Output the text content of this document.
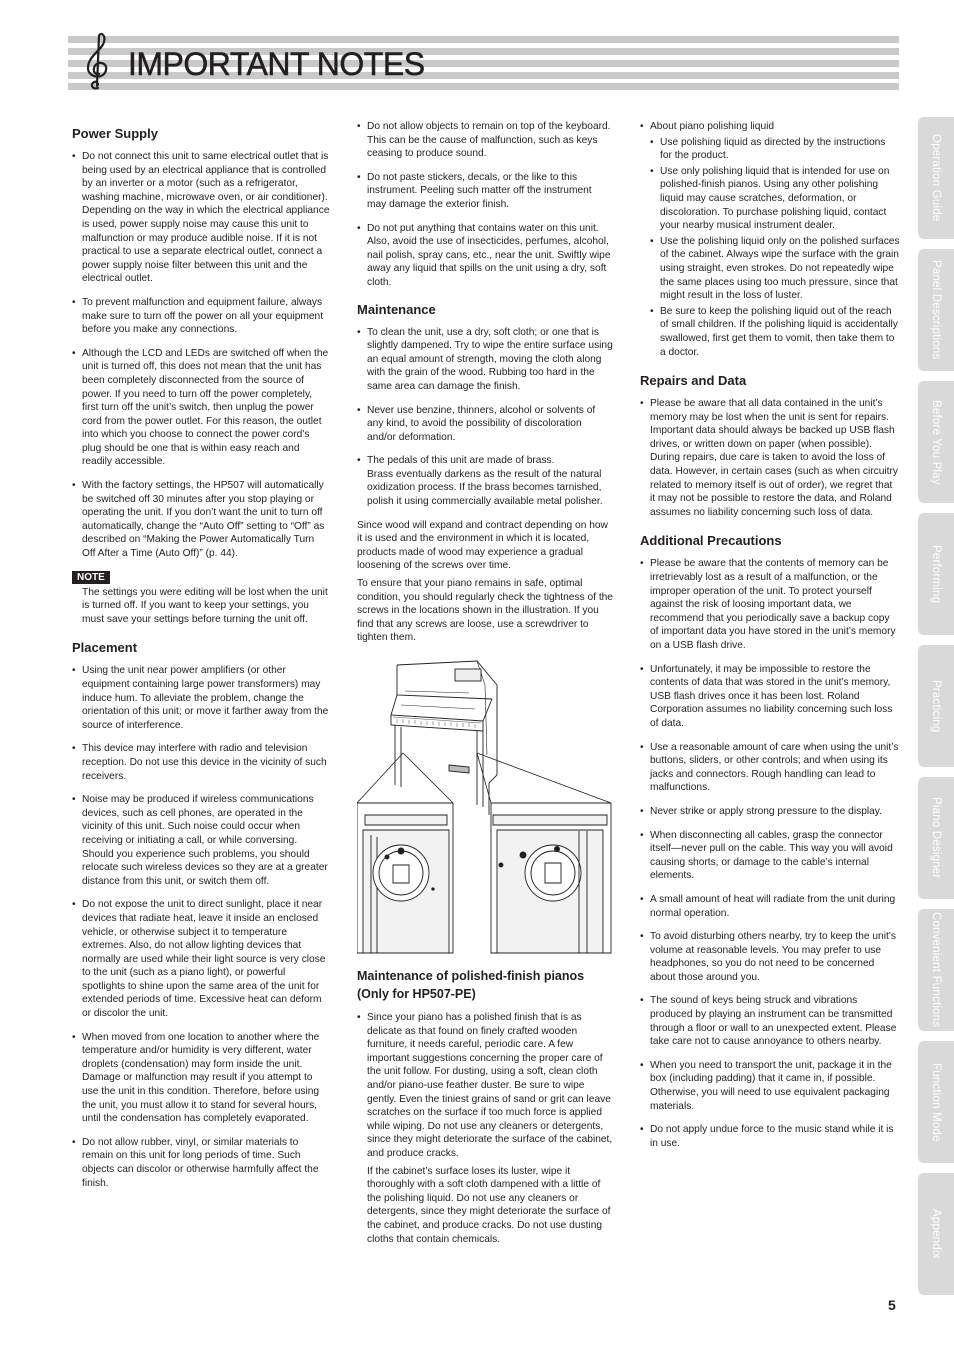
IMPORTANT NOTES
Power Supply
• Do not connect this unit to same electrical outlet that is being used by an electrical appliance that is controlled by an inverter or a motor (such as a refrigerator, washing machine, microwave oven, or air conditioner). Depending on the way in which the electrical appliance is used, power supply noise may cause this unit to malfunction or may produce audible noise. If it is not practical to use a separate electrical outlet, connect a power supply noise filter between this unit and the electrical outlet.
• To prevent malfunction and equipment failure, always make sure to turn off the power on all your equipment before you make any connections.
• Although the LCD and LEDs are switched off when the unit is turned off, this does not mean that the unit has been completely disconnected from the source of power. If you need to turn off the power completely, first turn off the unit’s switch, then unplug the power cord from the power outlet. For this reason, the outlet into which you choose to connect the power cord’s plug should be one that is within easy reach and readily accessible.
• With the factory settings, the HP507 will automatically be switched off 30 minutes after you stop playing or operating the unit. If you don’t want the unit to turn off automatically, change the “Auto Off” setting to “Off” as described on “Making the Power Automatically Turn Off After a Time (Auto Off)” (p. 44).
NOTE
The settings you were editing will be lost when the unit is turned off. If you want to keep your settings, you must save your settings before turning the unit off.
Placement
• Using the unit near power amplifiers (or other equipment containing large power transformers) may induce hum. To alleviate the problem, change the orientation of this unit; or move it farther away from the source of interference.
• This device may interfere with radio and television reception. Do not use this device in the vicinity of such receivers.
• Noise may be produced if wireless communications devices, such as cell phones, are operated in the vicinity of this unit. Such noise could occur when receiving or initiating a call, or while conversing. Should you experience such problems, you should relocate such wireless devices so they are at a greater distance from this unit, or switch them off.
• Do not expose the unit to direct sunlight, place it near devices that radiate heat, leave it inside an enclosed vehicle, or otherwise subject it to temperature extremes. Also, do not allow lighting devices that normally are used while their light source is very close to the unit (such as a piano light), or powerful spotlights to shine upon the same area of the unit for extended periods of time. Excessive heat can deform or discolor the unit.
• When moved from one location to another where the temperature and/or humidity is very different, water droplets (condensation) may form inside the unit. Damage or malfunction may result if you attempt to use the unit in this condition. Therefore, before using the unit, you must allow it to stand for several hours, until the condensation has completely evaporated.
• Do not allow rubber, vinyl, or similar materials to remain on this unit for long periods of time. Such objects can discolor or otherwise harmfully affect the finish.
• Do not allow objects to remain on top of the keyboard. This can be the cause of malfunction, such as keys ceasing to produce sound.
• Do not paste stickers, decals, or the like to this instrument. Peeling such matter off the instrument may damage the exterior finish.
• Do not put anything that contains water on this unit. Also, avoid the use of insecticides, perfumes, alcohol, nail polish, spray cans, etc., near the unit. Swiftly wipe away any liquid that spills on the unit using a dry, soft cloth.
Maintenance
• To clean the unit, use a dry, soft cloth; or one that is slightly dampened. Try to wipe the entire surface using an equal amount of strength, moving the cloth along with the grain of the wood. Rubbing too hard in the same area can damage the finish.
• Never use benzine, thinners, alcohol or solvents of any kind, to avoid the possibility of discoloration and/or deformation.
• The pedals of this unit are made of brass.
Brass eventually darkens as the result of the natural oxidization process. If the brass becomes tarnished, polish it using commercially available metal polisher.

Since wood will expand and contract depending on how it is used and the environment in which it is located, products made of wood may experience a gradual loosening of the screws over time.

To ensure that your piano remains in safe, optimal condition, you should regularly check the tightness of the screws in the locations shown in the illustration. If you find that any screws are loose, use a screwdriver to tighten them.

Maintenance of polished-finish pianos (Only for HP507-PE)
• Since your piano has a polished finish that is as delicate as that found on finely crafted wooden furniture, it needs careful, periodic care. A few important suggestions concerning the proper care of the unit follow. For dusting, using a soft, clean cloth and/or piano-use feather duster. Be sure to wipe gently. Even the tiniest grains of sand or grit can leave scratches on the surface if too much force is applied while wiping. Do not use any cleaners or detergents, since they might deteriorate the surface of the cabinet, and produce cracks.

If the cabinet’s surface loses its luster, wipe it thoroughly with a soft cloth dampened with a little of the polishing liquid. Do not use any cleaners or detergents, since they might deteriorate the surface of the cabinet, and produce cracks. Do not use dusting cloths that contain chemicals.

• About piano polishing liquid
• Use polishing liquid as directed by the instructions for the product.
• Use only polishing liquid that is intended for use on polished-finish pianos. Using any other polishing liquid may cause scratches, deformation, or discoloration. To purchase polishing liquid, contact your nearby musical instrument dealer.
• Use the polishing liquid only on the polished surfaces of the cabinet. Always wipe the surface with the grain using straight, even strokes. Do not repeatedly wipe the same places using too much pressure, since that might result in the loss of luster.
• Be sure to keep the polishing liquid out of the reach of small children. If the polishing liquid is accidentally swallowed, first get them to vomit, then take them to a doctor.
Repairs and Data
• Please be aware that all data contained in the unit’s memory may be lost when the unit is sent for repairs. Important data should always be backed up USB flash drives, or written down on paper (when possible). During repairs, due care is taken to avoid the loss of data. However, in certain cases (such as when circuitry related to memory itself is out of order), we regret that it may not be possible to restore the data, and Roland assumes no liability concerning such loss of data.
Additional Precautions
• Please be aware that the contents of memory can be irretrievably lost as a result of a malfunction, or the improper operation of the unit. To protect yourself against the risk of loosing important data, we recommend that you periodically save a backup copy of important data you have stored in the unit’s memory on a USB flash drive.
• Unfortunately, it may be impossible to restore the contents of data that was stored in the unit’s memory, USB flash drives once it has been lost. Roland Corporation assumes no liability concerning such loss of data.
• Use a reasonable amount of care when using the unit’s buttons, sliders, or other controls; and when using its jacks and connectors. Rough handling can lead to malfunctions.
• Never strike or apply strong pressure to the display.
• When disconnecting all cables, grasp the connector itself—never pull on the cable. This way you will avoid causing shorts, or damage to the cable’s internal elements.
• A small amount of heat will radiate from the unit during normal operation.
• To avoid disturbing others nearby, try to keep the unit’s volume at reasonable levels. You may prefer to use headphones, so you do not need to be concerned about those around you.
• The sound of keys being struck and vibrations produced by playing an instrument can be transmitted through a floor or wall to an unexpected extent. Please take care not to cause annoyance to others nearby.
• When you need to transport the unit, package it in the box (including padding) that it came in, if possible. Otherwise, you will need to use equivalent packaging materials.
• Do not apply undue force to the music stand while it is in use.
Operation Guide
Panel Descriptions
Before You Play
Performing
Practicing
Piano Designer
Convenient Functions
Function Mode
Appendix
5
